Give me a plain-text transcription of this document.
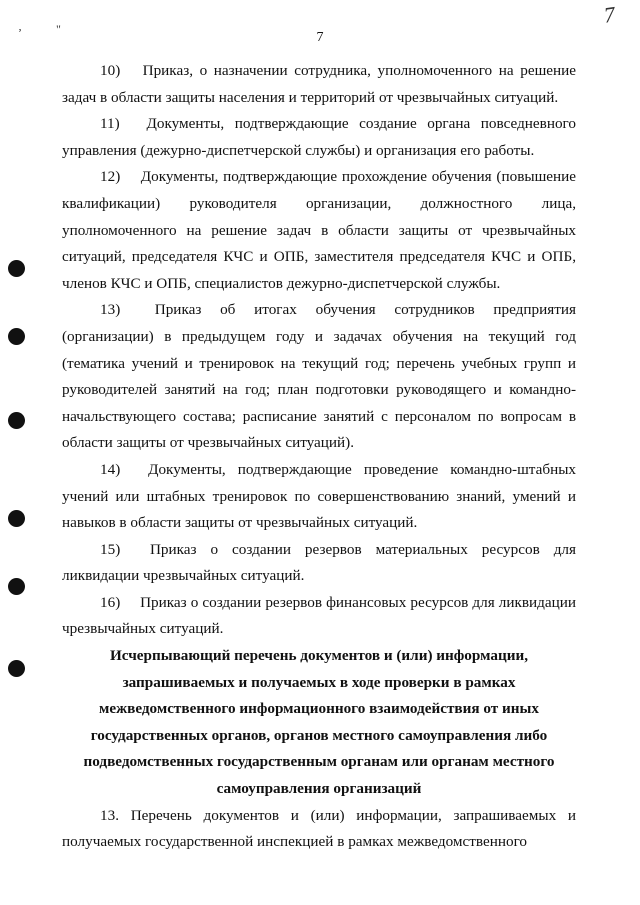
7
ʼ	"
7

10) Приказ, о назначении сотрудника, уполномоченного на решение задач в области защиты населения и территорий от чрезвычайных ситуаций.

11) Документы, подтверждающие создание органа повседневного управления (дежурно-диспетчерской службы) и организация его работы.

12) Документы, подтверждающие прохождение обучения (повышение квалификации) руководителя организации, должностного лица, уполномоченного на решение задач в области защиты от чрезвычайных ситуаций, председателя КЧС и ОПБ, заместителя председателя КЧС и ОПБ, членов КЧС и ОПБ, специалистов дежурно-диспетчерской службы.

13) Приказ об итогах обучения сотрудников предприятия (организации) в предыдущем году и задачах обучения на текущий год (тематика учений и тренировок на текущий год; перечень учебных групп и руководителей занятий на год; план подготовки руководящего и командно-начальствующего состава; расписание занятий с персоналом по вопросам в области защиты от чрезвычайных ситуаций).

14) Документы, подтверждающие проведение командно-штабных учений или штабных тренировок по совершенствованию знаний, умений и навыков в области защиты от чрезвычайных ситуаций.

15) Приказ о создании резервов материальных ресурсов для ликвидации чрезвычайных ситуаций.

16) Приказ о создании резервов финансовых ресурсов для ликвидации чрезвычайных ситуаций.

Исчерпывающий перечень документов и (или) информации, запрашиваемых и получаемых в ходе проверки в рамках межведомственного информационного взаимодействия от иных государственных органов, органов местного самоуправления либо подведомственных государственным органам или органам местного самоуправления организаций

13. Перечень документов и (или) информации, запрашиваемых и получаемых государственной инспекцией в рамках межведомственного
